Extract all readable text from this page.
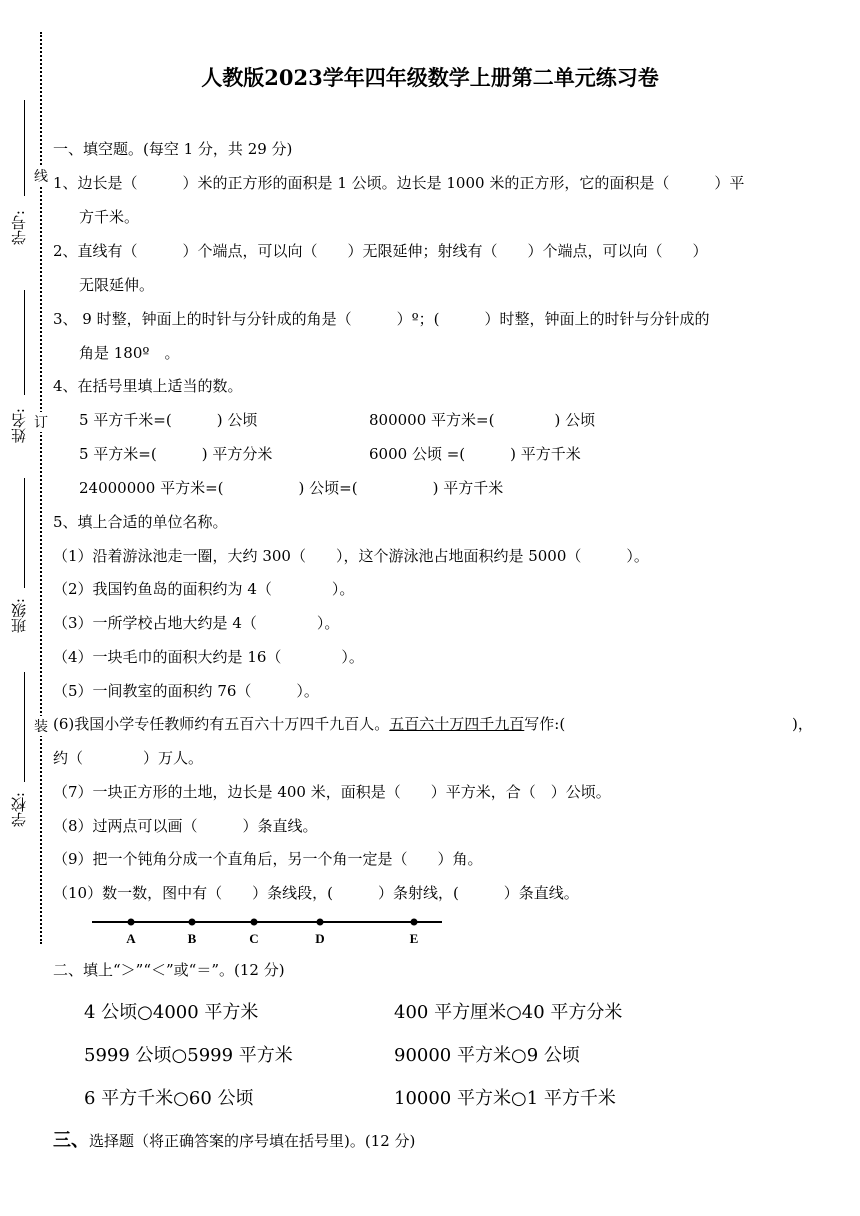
学号:
姓名:
班级:
学校:
线
订
装
人教版2023学年四年级数学上册第二单元练习卷
一、填空题。(每空 1 分，共 29 分)
1、边长是（　　　）米的正方形的面积是 1 公顷。边长是 1000 米的正方形，它的面积是（　　　）平
方千米。
2、直线有（　　　）个端点，可以向（　　）无限延伸；射线有（　　）个端点，可以向（　　）
无限延伸。
3、 9 时整，钟面上的时针与分针成的角是（　　　）º；(　　　）时整，钟面上的时针与分针成的
角是 180º　。
4、在括号里填上适当的数。
5 平方千米=(　　　) 公顷	800000 平方米=(　　　　) 公顷
5 平方米=(　　　) 平方分米	6000 公顷 =(　　　) 平方千米
24000000 平方米=(　　　　　) 公顷=(　　　　　) 平方千米
5、填上合适的单位名称。
（1）沿着游泳池走一圈，大约 300（　　），这个游泳池占地面积约是 5000（　　　）。
（2）我国钓鱼岛的面积约为 4（　　　　）。
（3）一所学校占地大约是 4（　　　　）。
（4）一块毛巾的面积大约是 16（　　　　）。
（5）一间教室的面积约 76（　　　）。
(6)我国小学专任教师约有五百六十万四千九百人。五百六十万四千九百写作:(	)，
约（　　　　）万人。
（7）一块正方形的土地，边长是 400 米，面积是（　　）平方米，合（　）公顷。
（8）过两点可以画（　　　）条直线。
（9）把一个钝角分成一个直角后，另一个角一定是（　　）角。
（10）数一数，图中有（　　）条线段，(　　　）条射线，(　　　）条直线。
A	B	C	D	E
二、填上“＞”“＜”或“＝”。(12 分)
4 公顷○4000 平方米	400 平方厘米○40 平方分米
5999 公顷○5999 平方米	90000 平方米○9 公顷
6 平方千米○60 公顷	10000 平方米○1 平方千米
三、选择题（将正确答案的序号填在括号里)。(12 分)
